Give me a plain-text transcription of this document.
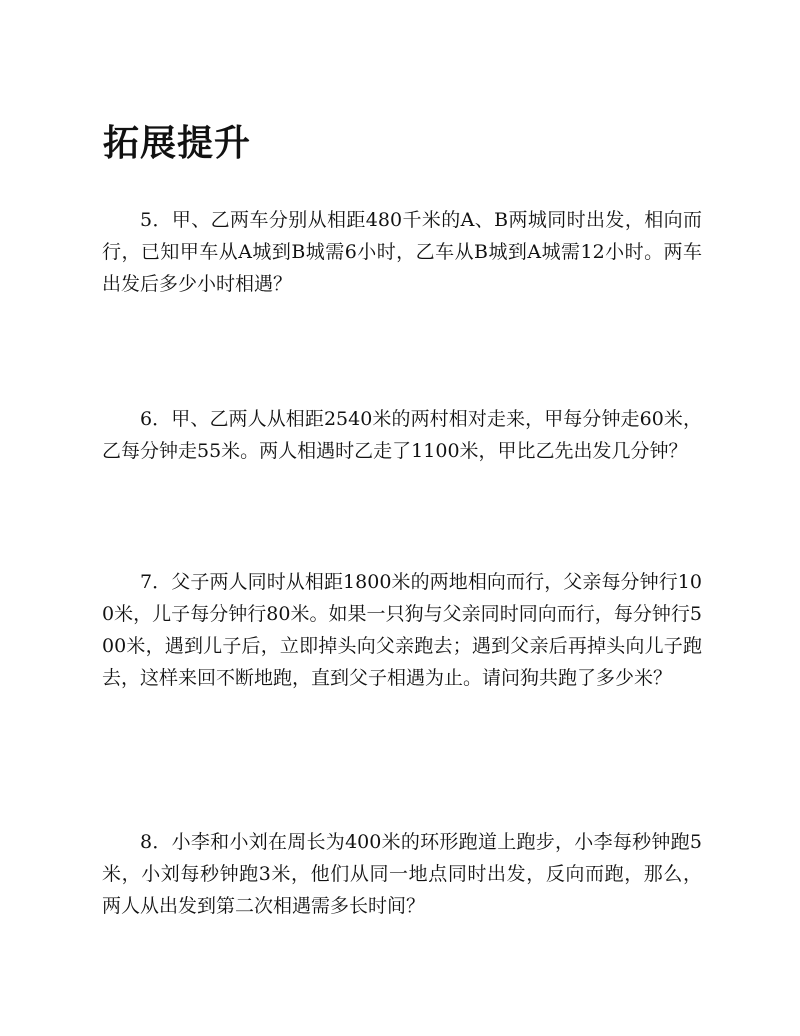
拓展提升

5．甲、乙两车分别从相距480千米的A、B两城同时出发，相向而行，已知甲车从A城到B城需6小时，乙车从B城到A城需12小时。两车出发后多少小时相遇？

6．甲、乙两人从相距2540米的两村相对走来，甲每分钟走60米，乙每分钟走55米。两人相遇时乙走了1100米，甲比乙先出发几分钟？

7．父子两人同时从相距1800米的两地相向而行，父亲每分钟行100米，儿子每分钟行80米。如果一只狗与父亲同时同向而行，每分钟行500米，遇到儿子后，立即掉头向父亲跑去；遇到父亲后再掉头向儿子跑去，这样来回不断地跑，直到父子相遇为止。请问狗共跑了多少米？

8．小李和小刘在周长为400米的环形跑道上跑步，小李每秒钟跑5米，小刘每秒钟跑3米，他们从同一地点同时出发，反向而跑，那么，两人从出发到第二次相遇需多长时间？
